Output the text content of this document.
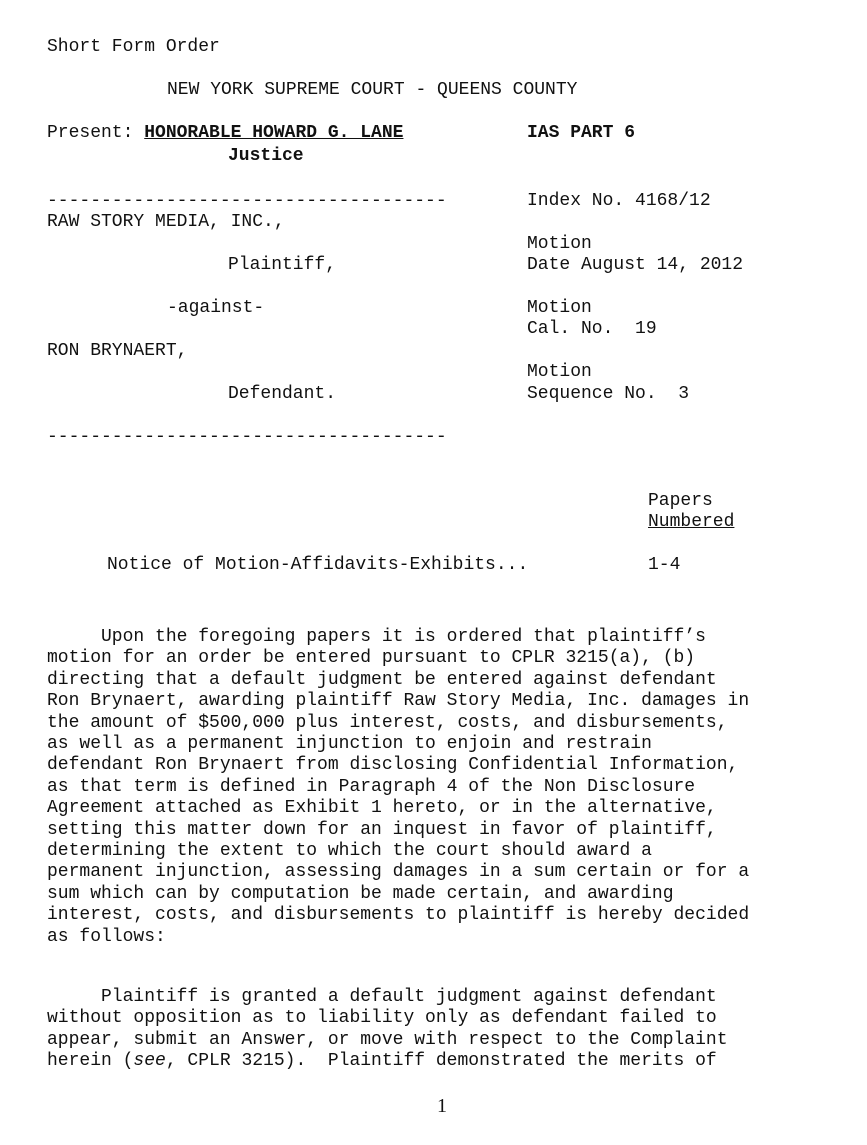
Short Form Order
NEW YORK SUPREME COURT - QUEENS COUNTY
Present: HONORABLE HOWARD G. LANE	IAS PART 6
Justice
-------------------------------------	Index No. 4168/12
RAW STORY MEDIA, INC.,
Motion
Plaintiff,	Date August 14, 2012
-against-	Motion
Cal. No.  19
RON BRYNAERT,
Motion
Defendant.	Sequence No.  3
-------------------------------------
Papers
Numbered
Notice of Motion-Affidavits-Exhibits...	1-4
Upon the foregoing papers it is ordered that plaintiff’s
motion for an order be entered pursuant to CPLR 3215(a), (b)
directing that a default judgment be entered against defendant
Ron Brynaert, awarding plaintiff Raw Story Media, Inc. damages in
the amount of $500,000 plus interest, costs, and disbursements,
as well as a permanent injunction to enjoin and restrain
defendant Ron Brynaert from disclosing Confidential Information,
as that term is defined in Paragraph 4 of the Non Disclosure
Agreement attached as Exhibit 1 hereto, or in the alternative,
setting this matter down for an inquest in favor of plaintiff,
determining the extent to which the court should award a
permanent injunction, assessing damages in a sum certain or for a
sum which can by computation be made certain, and awarding
interest, costs, and disbursements to plaintiff is hereby decided
as follows:
Plaintiff is granted a default judgment against defendant
without opposition as to liability only as defendant failed to
appear, submit an Answer, or move with respect to the Complaint
herein (see, CPLR 3215).  Plaintiff demonstrated the merits of
1
